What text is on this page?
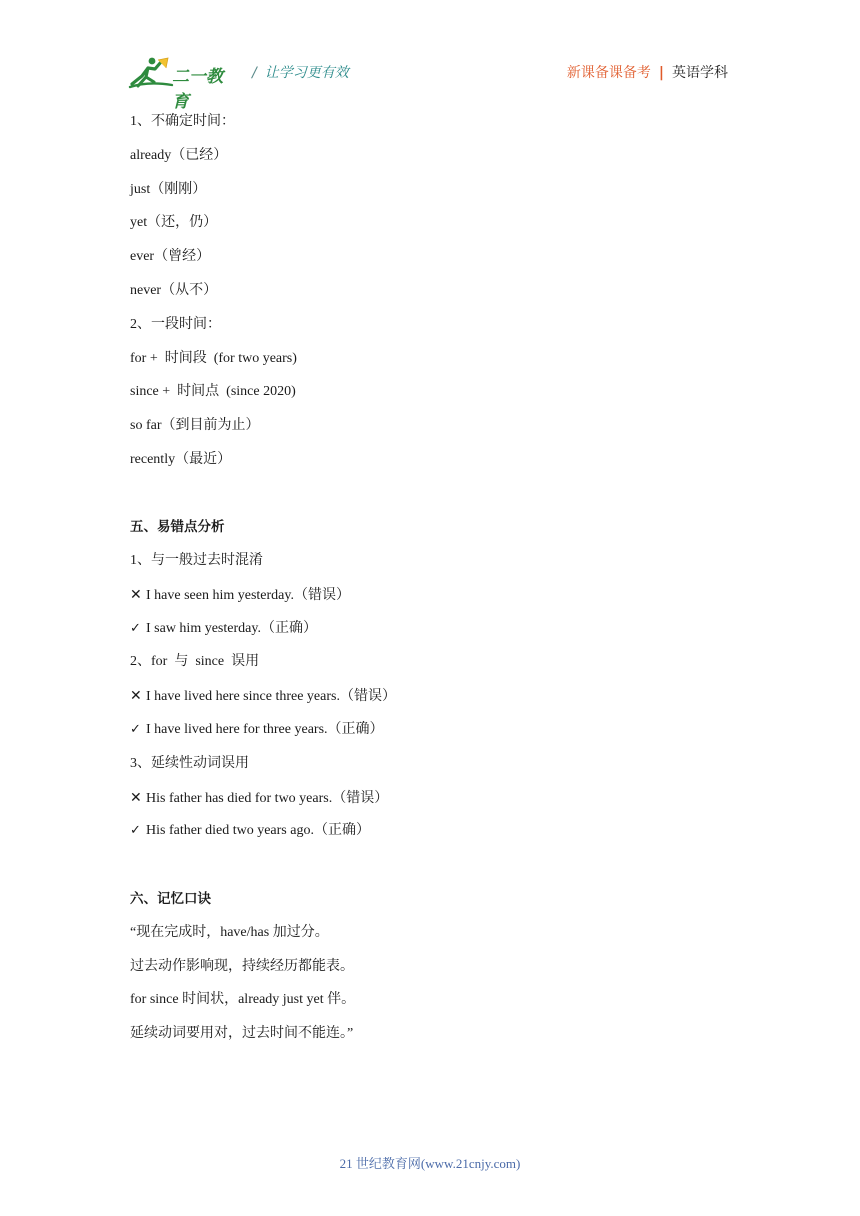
二一教育
/ 让学习更有效	新课备课备考 | 英语学科
1、不确定时间：
already（已经）
just（刚刚）
yet（还，仍）
ever（曾经）
never（从不）
2、一段时间：
for +  时间段  (for two years)
since +  时间点  (since 2020)
so far（到目前为止）
recently（最近）
五、易错点分析
1、与一般过去时混淆
✕ I have seen him yesterday.（错误）
✓ I saw him yesterday.（正确）
2、for  与  since  误用
✕ I have lived here since three years.（错误）
✓ I have lived here for three years.（正确）
3、延续性动词误用
✕ His father has died for two years.（错误）
✓ His father died two years ago.（正确）
六、记忆口诀
“现在完成时，have/has 加过分。
过去动作影响现，持续经历都能表。
for since 时间状，already just yet 伴。
延续动词要用对，过去时间不能连。”
21 世纪教育网(www.21cnjy.com)
